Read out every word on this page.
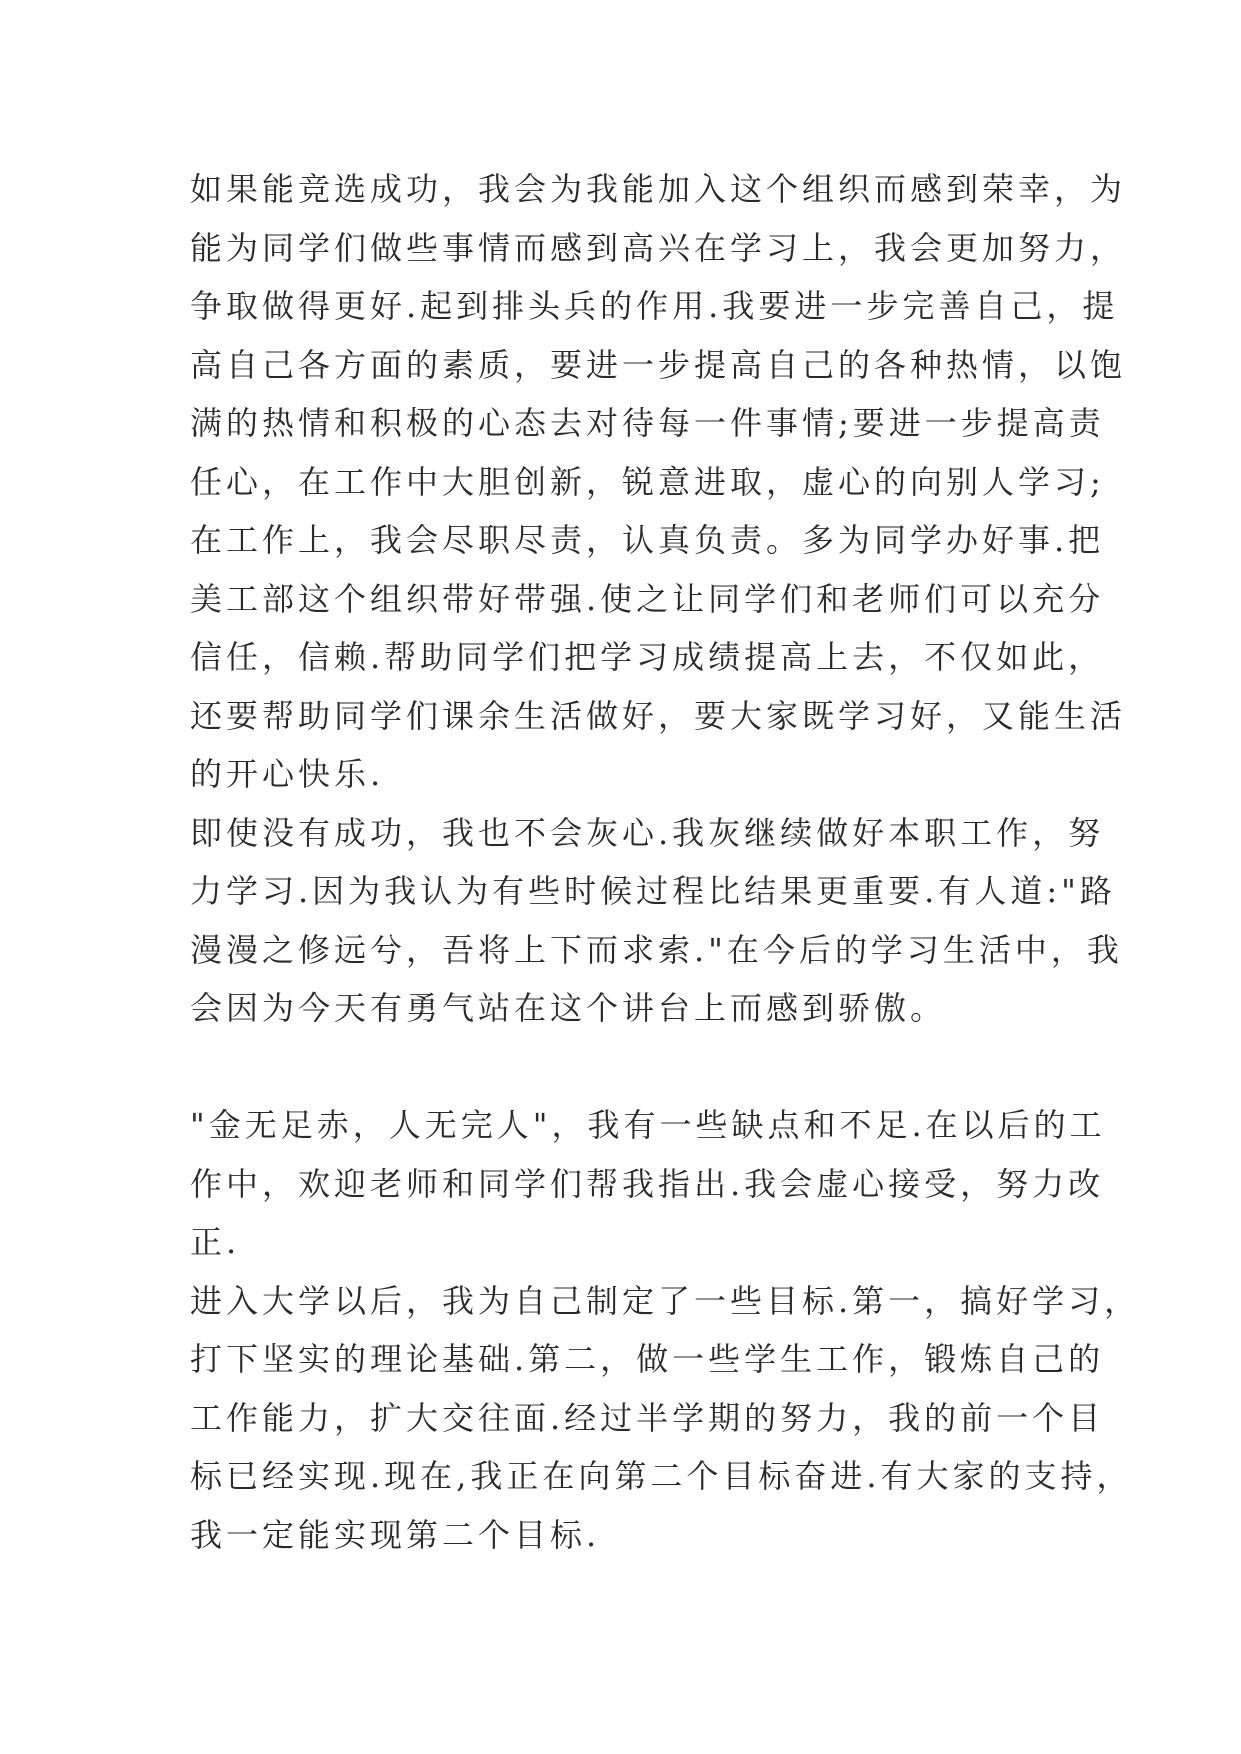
如果能竞选成功，我会为我能加入这个组织而感到荣幸，为
能为同学们做些事情而感到高兴在学习上，我会更加努力，
争取做得更好.起到排头兵的作用.我要进一步完善自己，提
高自己各方面的素质，要进一步提高自己的各种热情，以饱
满的热情和积极的心态去对待每一件事情;要进一步提高责
任心，在工作中大胆创新，锐意进取，虚心的向别人学习;
在工作上，我会尽职尽责，认真负责。多为同学办好事.把
美工部这个组织带好带强.使之让同学们和老师们可以充分
信任，信赖.帮助同学们把学习成绩提高上去，不仅如此，
还要帮助同学们课余生活做好，要大家既学习好，又能生活
的开心快乐.
即使没有成功，我也不会灰心.我灰继续做好本职工作，努
力学习.因为我认为有些时候过程比结果更重要.有人道:"路
漫漫之修远兮，吾将上下而求索."在今后的学习生活中，我
会因为今天有勇气站在这个讲台上而感到骄傲。
"金无足赤，人无完人"，我有一些缺点和不足.在以后的工
作中，欢迎老师和同学们帮我指出.我会虚心接受，努力改
正.
进入大学以后，我为自己制定了一些目标.第一，搞好学习，
打下坚实的理论基础.第二，做一些学生工作，锻炼自己的
工作能力，扩大交往面.经过半学期的努力，我的前一个目
标已经实现.现在,我正在向第二个目标奋进.有大家的支持，
我一定能实现第二个目标.
